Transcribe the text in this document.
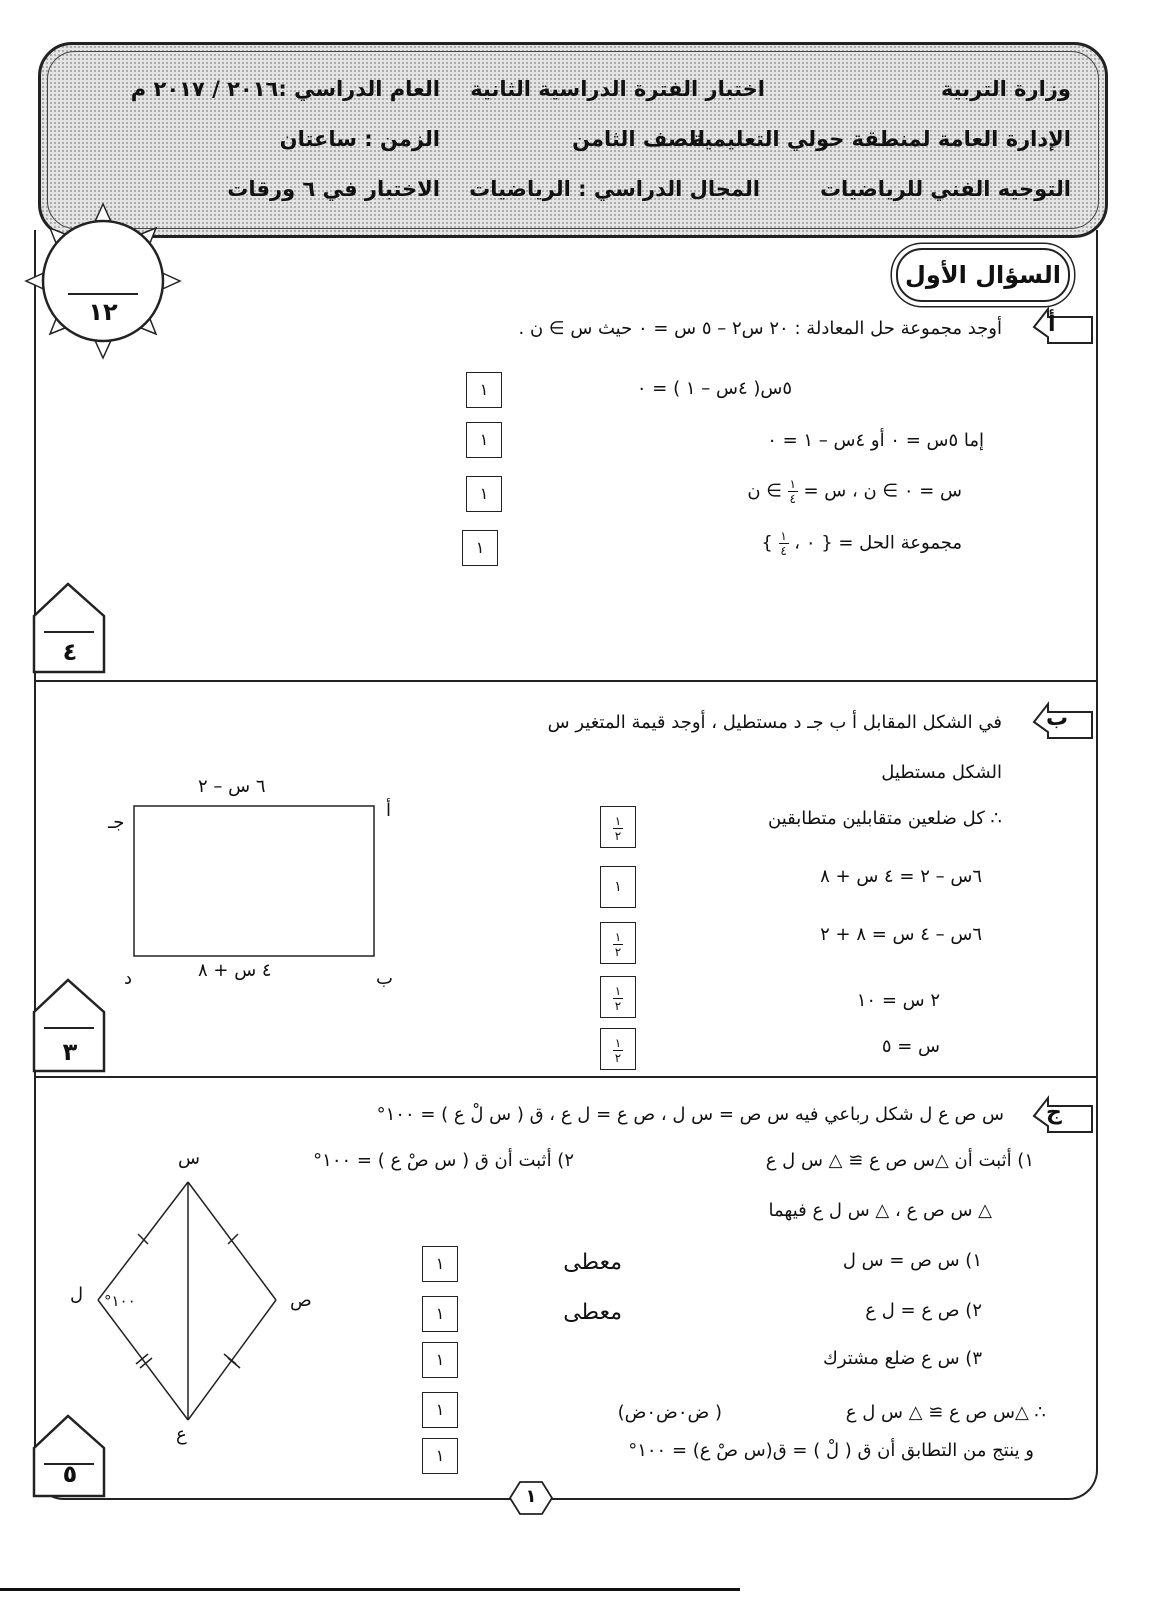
وزارة التربية
الإدارة العامة لمنطقة حولي التعليمية
التوجيه الفني للرياضيات
اختبار الفترة الدراسية الثانية
للصف الثامن
المجال الدراسي : الرياضيات
العام الدراسي :٢٠١٦ / ٢٠١٧ م
الزمن : ساعتان
الاختبار في ٦ ورقات
١٢
السؤال الأول
أ
أوجد مجموعة حل المعادلة : ٢٠ س٢ – ٥ س = ٠ حيث س ∋ ن .
٥س( ٤س – ١ ) = ٠
إما ٥س = ٠ أو ٤س – ١ = ٠
س = ٠ ∋ ن ، س =
$\frac{١}{٤}$
∋ ن
مجموعة الحل = { ٠ ،
$\frac{١}{٤}$
}
١
١
١
١
٤
ب
في الشكل المقابل أ ب جـ د مستطيل ، أوجد قيمة المتغير س
الشكل مستطيل
∴ كل ضلعين متقابلين متطابقين
٦س – ٢ = ٤ س + ٨
٦س – ٤ س = ٨ + ٢
٢ س = ١٠
س = ٥
$\frac{١}{٢}$
١
$\frac{١}{٢}$
$\frac{١}{٢}$
$\frac{١}{٢}$
٦ س – ٢
٤ س + ٨
أ
ب
جـ
د
٣
ج
س ص ع ل شكل رباعي فيه س ص = س ل ، ص ع = ل ع ، ق ( س لْ ع ) = ١٠٠°
١) أثبت أن △س ص ع ≅ △ س ل ع
٢) أثبت أن ق ( س صْ ع ) = ١٠٠°
△ س ص ع ، △ س ل ع فيهما
١) س ص = س ل
معطى
٢) ص ع = ل ع
معطى
٣) س ع ضلع مشترك
∴ △س ص ع ≅ △ س ل ع
( ض٠ض٠ض)
و ينتج من التطابق أن ق ( لْ ) = ق(س صْ ع) = ١٠٠°
١
١
١
١
١
س
ص
ع
ل ١٠٠°
٥
١
